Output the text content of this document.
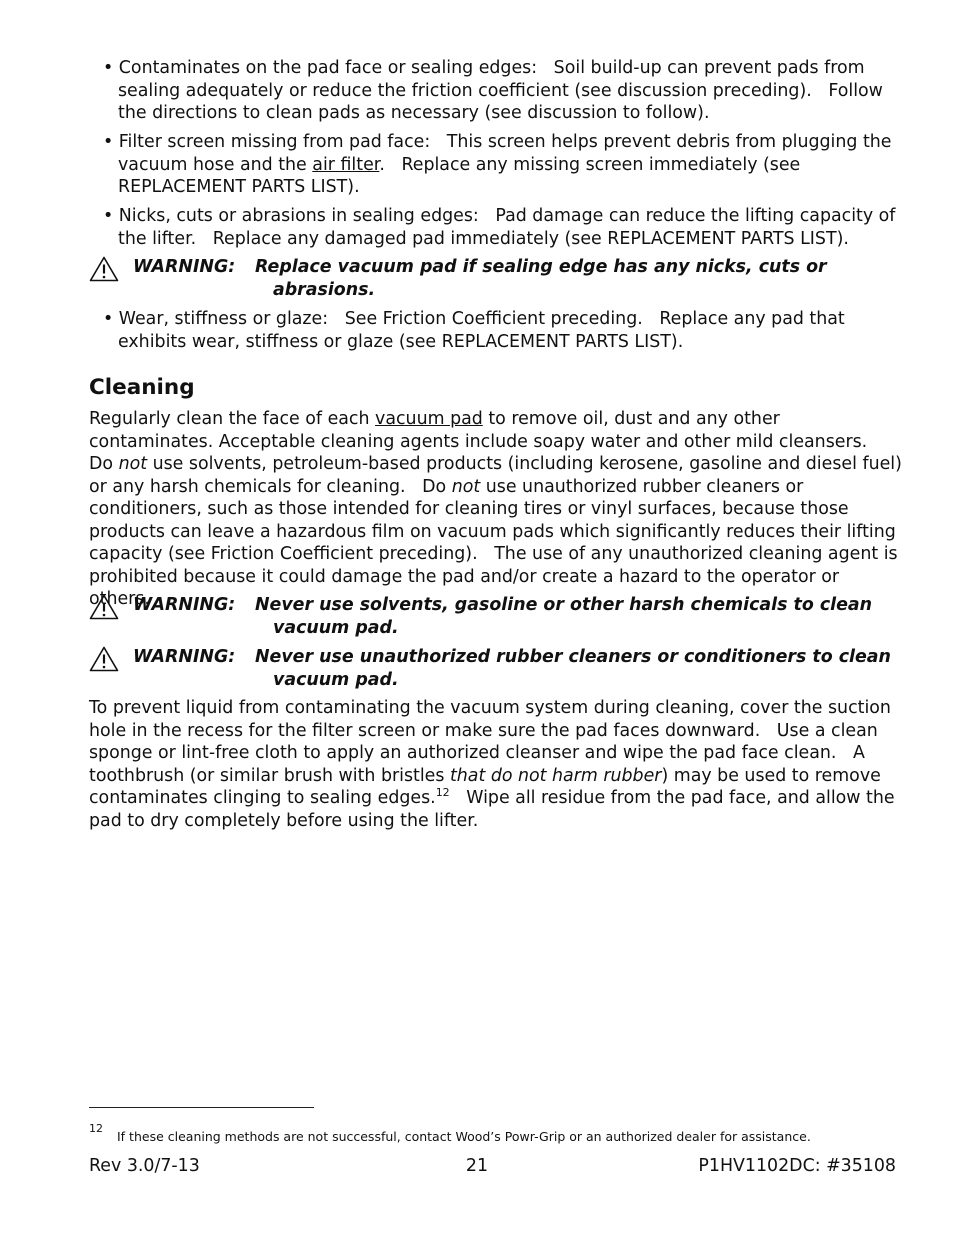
• Contaminates on the pad face or sealing edges:   Soil build-up can prevent pads from sealing adequately or reduce the friction coefficient (see discussion preceding).   Follow the directions to clean pads as necessary (see discussion to follow).
• Filter screen missing from pad face:   This screen helps prevent debris from plugging the vacuum hose and the air filter.   Replace any missing screen immediately (see REPLACEMENT PARTS LIST).
• Nicks, cuts or abrasions in sealing edges:   Pad damage can reduce the lifting capacity of the lifter.   Replace any damaged pad immediately (see REPLACEMENT PARTS LIST).
WARNING: Replace vacuum pad if sealing edge has any nicks, cuts or abrasions.
• Wear, stiffness or glaze:   See Friction Coefficient preceding.   Replace any pad that exhibits wear, stiffness or glaze (see REPLACEMENT PARTS LIST).
Cleaning
Regularly clean the face of each vacuum pad to remove oil, dust and any other contaminates. Acceptable cleaning agents include soapy water and other mild cleansers.   Do not use solvents, petroleum-based products (including kerosene, gasoline and diesel fuel) or any harsh chemicals for cleaning.   Do not use unauthorized rubber cleaners or conditioners, such as those intended for cleaning tires or vinyl surfaces, because those products can leave a hazardous film on vacuum pads which significantly reduces their lifting capacity (see Friction Coefficient preceding).   The use of any unauthorized cleaning agent is prohibited because it could damage the pad and/or create a hazard to the operator or others.
WARNING: Never use solvents, gasoline or other harsh chemicals to clean vacuum pad.
WARNING: Never use unauthorized rubber cleaners or conditioners to clean vacuum pad.
To prevent liquid from contaminating the vacuum system during cleaning, cover the suction hole in the recess for the filter screen or make sure the pad faces downward.   Use a clean sponge or lint-free cloth to apply an authorized cleanser and wipe the pad face clean.   A toothbrush (or similar brush with bristles that do not harm rubber) may be used to remove contaminates clinging to sealing edges.$^{12}$   Wipe all residue from the pad face, and allow the pad to dry completely before using the lifter.
12
If these cleaning methods are not successful, contact Wood’s Powr-Grip or an authorized dealer for assistance.
Rev 3.0/7-13	21	P1HV1102DC: #35108
